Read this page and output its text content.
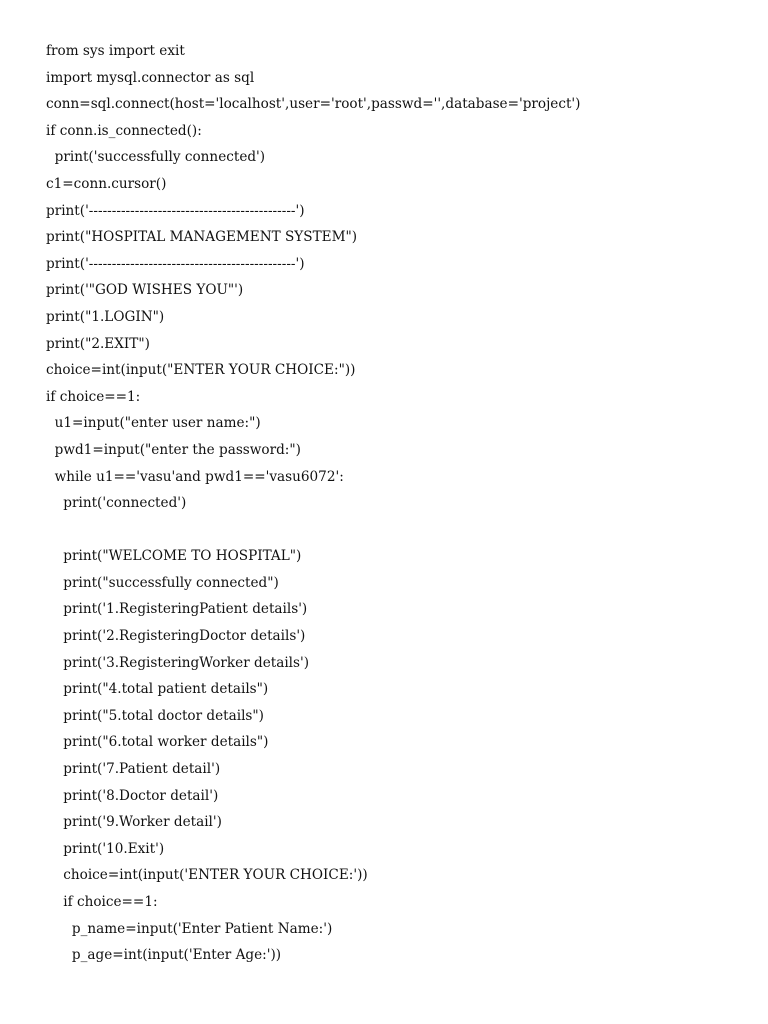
from sys import exit
import mysql.connector as sql
conn=sql.connect(host='localhost',user='root',passwd='',database='project')
if conn.is_connected():
print('successfully connected')
c1=conn.cursor()
print('---------------------------------------------')
print("HOSPITAL MANAGEMENT SYSTEM")
print('---------------------------------------------')
print('"GOD WISHES YOU"')
print("1.LOGIN")
print("2.EXIT")
choice=int(input("ENTER YOUR CHOICE:"))
if choice==1:
u1=input("enter user name:")
pwd1=input("enter the password:")
while u1=='vasu'and pwd1=='vasu6072':
print('connected')
print("WELCOME TO HOSPITAL")
print("successfully connected")
print('1.RegisteringPatient details')
print('2.RegisteringDoctor details')
print('3.RegisteringWorker details')
print("4.total patient details")
print("5.total doctor details")
print("6.total worker details")
print('7.Patient detail')
print('8.Doctor detail')
print('9.Worker detail')
print('10.Exit')
choice=int(input('ENTER YOUR CHOICE:'))
if choice==1:
p_name=input('Enter Patient Name:')
p_age=int(input('Enter Age:'))
